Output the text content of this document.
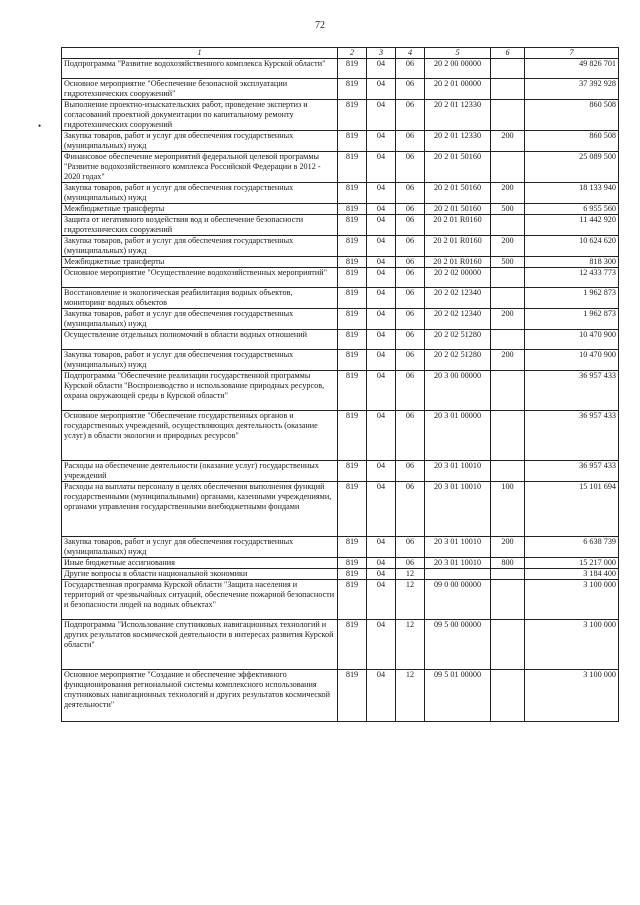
72
•
1	2	3	4	5	6	7
Подпрограмма "Развитие водохозяйственного комплекса Курской области"	819	04	06	20 2 00 00000		49 826 701
Основное мероприятие "Обеспечение безопасной эксплуатации гидротехнических сооружений"	819	04	06	20 2 01 00000		37 392 928
Выполнение проектно-изыскательских работ, проведение экспертиз и согласований проектной документации по капитальному ремонту гидротехнических сооружений	819	04	06	20 2 01 12330		860 508
Закупка товаров, работ и услуг для обеспечения государственных (муниципальных) нужд	819	04	06	20 2 01 12330	200	860 508
Финансовое обеспечение мероприятий федеральной целевой программы "Развитие водохозяйственного комплекса Российской Федерации в 2012 - 2020 годах"	819	04	06	20 2 01 50160		25 089 500
Закупка товаров, работ и услуг для обеспечения государственных (муниципальных) нужд	819	04	06	20 2 01 50160	200	18 133 940
Межбюджетные трансферты	819	04	06	20 2 01 50160	500	6 955 560
Защита от негативного воздействия вод и обеспечение безопасности гидротехнических сооружений	819	04	06	20 2 01 R0160		11 442 920
Закупка товаров, работ и услуг для обеспечения государственных (муниципальных) нужд	819	04	06	20 2 01 R0160	200	10 624 620
Межбюджетные трансферты	819	04	06	20 2 01 R0160	500	818 300
Основное мероприятие "Осуществление водохозяйственных мероприятий"	819	04	06	20 2 02 00000		12 433 773
Восстановление и экологическая реабилитация водных объектов, мониторинг водных объектов	819	04	06	20 2 02 12340		1 962 873
Закупка товаров, работ и услуг для обеспечения государственных (муниципальных) нужд	819	04	06	20 2 02 12340	200	1 962 873
Осуществление отдельных полномочий в области водных отношений	819	04	06	20 2 02 51280		10 470 900
Закупка товаров, работ и услуг для обеспечения государственных (муниципальных) нужд	819	04	06	20 2 02 51280	200	10 470 900
Подпрограмма "Обеспечение реализации государственной программы Курской области "Воспроизводство и использование природных ресурсов, охрана окружающей среды в Курской области"	819	04	06	20 3 00 00000		36 957 433
Основное мероприятие "Обеспечение государственных органов и государственных учреждений, осуществляющих деятельность (оказание услуг) в области экологии и природных ресурсов"	819	04	06	20 3 01 00000		36 957 433
Расходы на обеспечение деятельности (оказание услуг) государственных учреждений	819	04	06	20 3 01 10010		36 957 433
Расходы на выплаты персоналу в целях обеспечения выполнения функций государственными (муниципальными) органами, казенными учреждениями, органами управления государственными внебюджетными фондами	819	04	06	20 3 01 10010	100	15 101 694
Закупка товаров, работ и услуг для обеспечения государственных (муниципальных) нужд	819	04	06	20 3 01 10010	200	6 638 739
Иные бюджетные ассигнования	819	04	06	20 3 01 10010	800	15 217 000
Другие вопросы в области национальной экономики	819	04	12			3 184 400
Государственная программа Курской области "Защита населения и территорий от чрезвычайных ситуаций, обеспечение пожарной безопасности и безопасности людей на водных объектах"	819	04	12	09 0 00 00000		3 100 000
Подпрограмма "Использование спутниковых навигационных технологий и других результатов космической деятельности в интересах развития Курской области"	819	04	12	09 5 00 00000		3 100 000
Основное мероприятие "Создание и обеспечение эффективного функционирования региональной системы комплексного использования спутниковых навигационных технологий и других результатов космической деятельности"	819	04	12	09 5 01 00000		3 100 000
